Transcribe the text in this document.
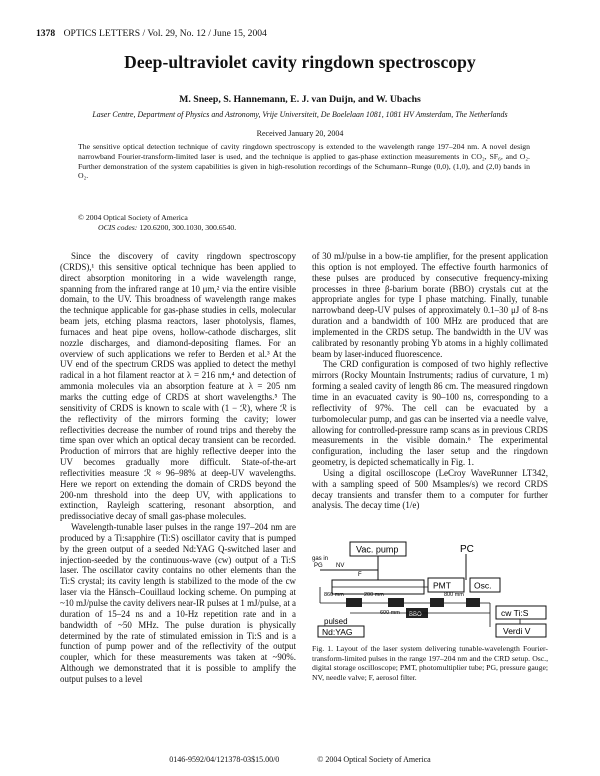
1378 OPTICS LETTERS / Vol. 29, No. 12 / June 15, 2004
Deep-ultraviolet cavity ringdown spectroscopy
M. Sneep, S. Hannemann, E. J. van Duijn, and W. Ubachs
Laser Centre, Department of Physics and Astronomy, Vrije Universiteit, De Boelelaan 1081, 1081 HV Amsterdam, The Netherlands
Received January 20, 2004

The sensitive optical detection technique of cavity ringdown spectroscopy is extended to the wavelength range 197–204 nm. A novel design narrowband Fourier-transform-limited laser is used, and the technique is applied to gas-phase extinction measurements in CO₂, SF₆, and O₂. Further demonstration of the system capabilities is given in high-resolution recordings of the Schumann–Runge (0,0), (1,0), and (2,0) bands in O₂.

© 2004 Optical Society of America
OCIS codes: 120.6200, 300.1030, 300.6540.

Since the discovery of cavity ringdown spectroscopy (CRDS),¹ this sensitive optical technique has been applied to direct absorption monitoring in a wide wavelength range, spanning from the infrared range at 10 μm,² via the entire visible domain, to the UV. This broadness of wavelength range makes the technique applicable for gas-phase studies in cells, molecular beam jets, etching plasma reactors, laser photolysis, flames, furnaces and heat pipe ovens, hollow-cathode discharges, slit nozzle discharges, and diamond-depositing flames. For an overview of such applications we refer to Berden et al.³ At the UV end of the spectrum CRDS was applied to detect the methyl radical in a hot filament reactor at λ = 216 nm,⁴ and detection of ammonia molecules via an absorption feature at λ = 205 nm marks the cutting edge of CRDS at short wavelengths.⁵ The sensitivity of CRDS is known to scale with (1 − ℛ), where ℛ is the reflectivity of the mirrors forming the cavity; lower reflectivities decrease the number of round trips and thereby the time span over which an optical decay transient can be recorded. Production of mirrors that are highly reflective deeper into the UV becomes gradually more difficult. State-of-the-art reflectivities measure ℛ ≈ 96–98% at deep-UV wavelengths. Here we report on extending the domain of CRDS beyond the 200-nm threshold into the deep UV, with applications to extinction, Rayleigh scattering, resonant absorption, and predissociative decay of small gas-phase molecules.

Wavelength-tunable laser pulses in the range 197–204 nm are produced by a Ti:sapphire (Ti:S) oscillator cavity that is pumped by the green output of a seeded Nd:YAG Q-switched laser and injection-seeded by the continuous-wave (cw) output of a Ti:S laser. The oscillator cavity contains no other elements than the Ti:S crystal; its cavity length is stabilized to the mode of the cw laser via the Hänsch–Couillaud locking scheme. On pumping at ~10 mJ/pulse the cavity delivers near-IR pulses at 1 mJ/pulse, at a duration of 15–24 ns and a 10-Hz repetition rate and in a bandwidth of ~50 MHz. The pulse duration is physically determined by the rate of stimulated emission in Ti:S and is a function of pump power and of the reflectivity of the output coupler, which for these measurements was taken at ~90%. Although we demonstrated that it is possible to amplify the output pulses to a level

of 30 mJ/pulse in a bow-tie amplifier, for the present application this option is not employed. The effective fourth harmonics of these pulses are produced by consecutive frequency-mixing processes in three β-barium borate (BBO) crystals cut at the appropriate angles for type I phase matching. Finally, tunable narrowband deep-UV pulses of approximately 0.1–30 μJ of 8-ns duration and a bandwidth of 100 MHz are produced that are implemented in the CRDS setup. The bandwidth in the UV was calibrated by resonantly probing Yb atoms in a highly collimated beam by laser-induced fluorescence.

The CRD configuration is composed of two highly reflective mirrors (Rocky Mountain Instruments; radius of curvature, 1 m) forming a sealed cavity of length 86 cm. The measured ringdown time in an evacuated cavity is 90–100 ns, corresponding to a reflectivity of 97%. The cell can be evacuated by a turbomolecular pump, and gas can be inserted via a needle valve, allowing for controlled-pressure ramp scans as in previous CRDS measurements in the visible domain.⁶ The experimental configuration, including the laser setup and the ringdown geometry, is depicted schematically in Fig. 1.

Using a digital oscilloscope (LeCroy WaveRunner LT342, with a sampling speed of 500 Msamples/s) we record CRDS decay transients and transfer them to a computer for further analysis. The decay time (1/e)

Vac. pump	PC
gas in
PG NV
PMT	Osc.
F
200 mm
860 mm	800 mm
600 mm BBO
pulsed
Nd:YAG
cw Ti:S
Verdi V
Fig. 1. Layout of the laser system delivering tunable-wavelength Fourier-transform-limited pulses in the range 197–204 nm and the CRD setup. Osc., digital storage oscilloscope; PMT, photomultiplier tube; PG, pressure gauge; NV, needle valve; F, aerosol filter.
0146-9592/04/121378-03$15.00/0	© 2004 Optical Society of America
